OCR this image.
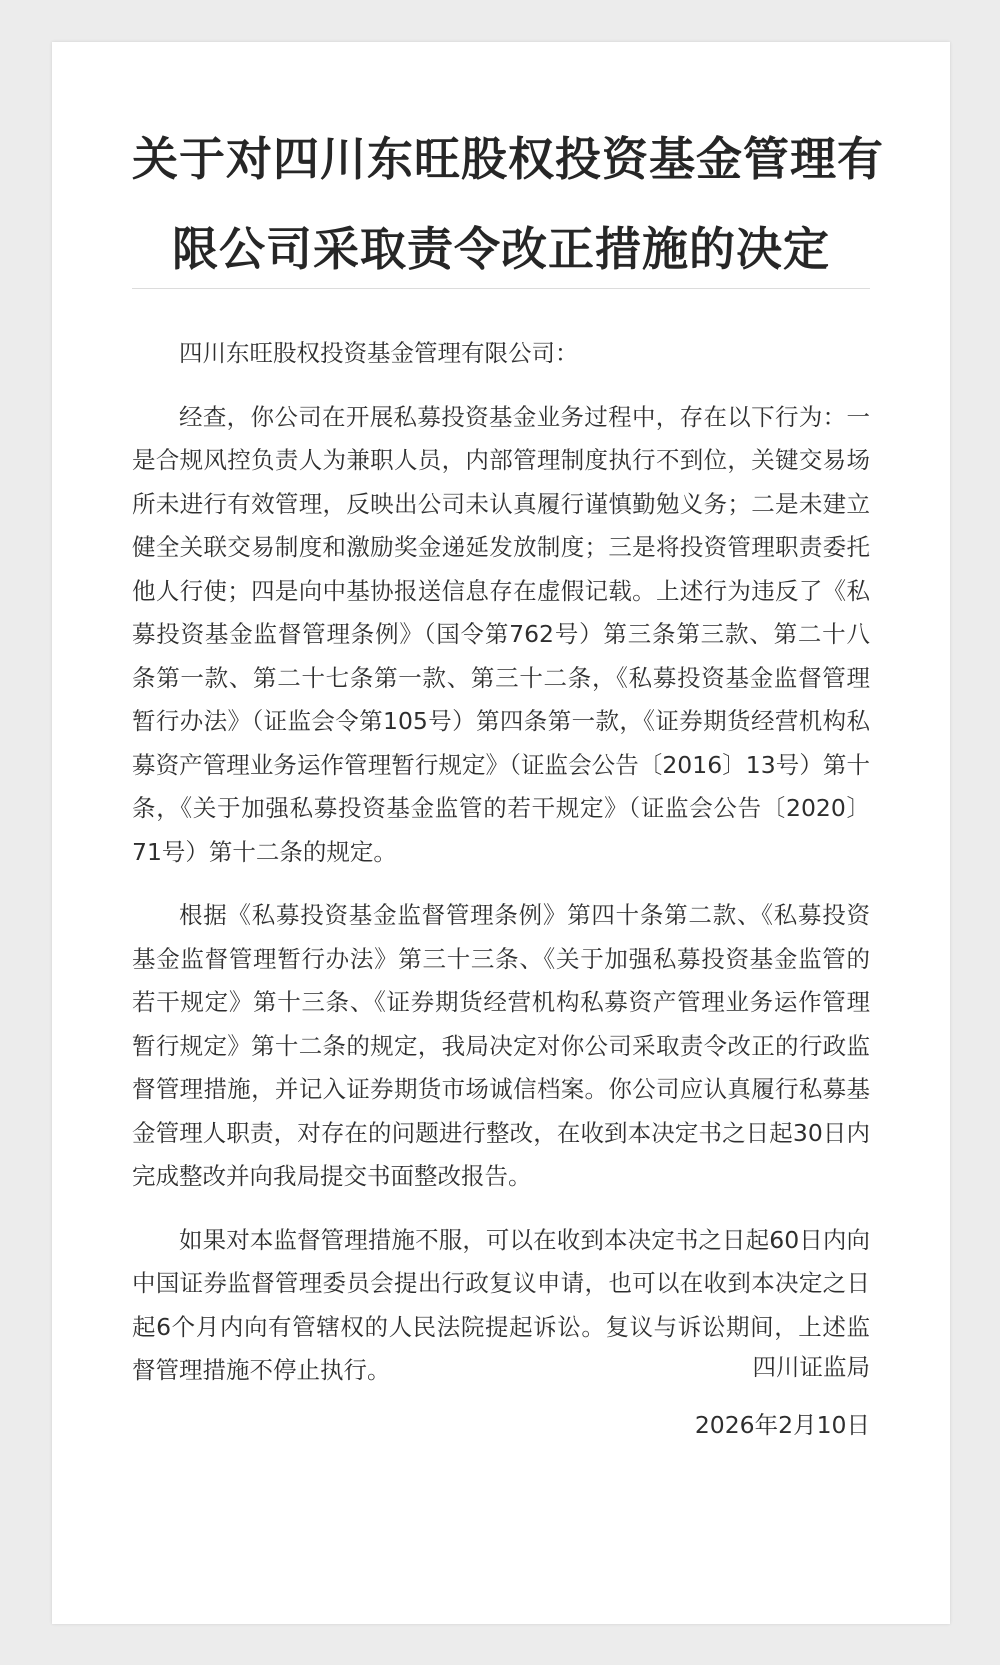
关于对四川东旺股权投资基金管理有
限公司采取责令改正措施的决定

四川东旺股权投资基金管理有限公司：

经查，你公司在开展私募投资基金业务过程中，存在以下行为：一是合规风控负责人为兼职人员，内部管理制度执行不到位，关键交易场所未进行有效管理，反映出公司未认真履行谨慎勤勉义务；二是未建立健全关联交易制度和激励奖金递延发放制度；三是将投资管理职责委托他人行使；四是向中基协报送信息存在虚假记载。上述行为违反了《私募投资基金监督管理条例》（国令第762号）第三条第三款、第二十八条第一款、第二十七条第一款、第三十二条，《私募投资基金监督管理暂行办法》（证监会令第105号）第四条第一款，《证券期货经营机构私募资产管理业务运作管理暂行规定》（证监会公告〔2016〕13号）第十条，《关于加强私募投资基金监管的若干规定》（证监会公告〔2020〕71号）第十二条的规定。

根据《私募投资基金监督管理条例》第四十条第二款、《私募投资基金监督管理暂行办法》第三十三条、《关于加强私募投资基金监管的若干规定》第十三条、《证券期货经营机构私募资产管理业务运作管理暂行规定》第十二条的规定，我局决定对你公司采取责令改正的行政监督管理措施，并记入证券期货市场诚信档案。你公司应认真履行私募基金管理人职责，对存在的问题进行整改，在收到本决定书之日起30日内完成整改并向我局提交书面整改报告。

如果对本监督管理措施不服，可以在收到本决定书之日起60日内向中国证券监督管理委员会提出行政复议申请，也可以在收到本决定之日起6个月内向有管辖权的人民法院提起诉讼。复议与诉讼期间，上述监督管理措施不停止执行。	四川证监局
2026年2月10日
